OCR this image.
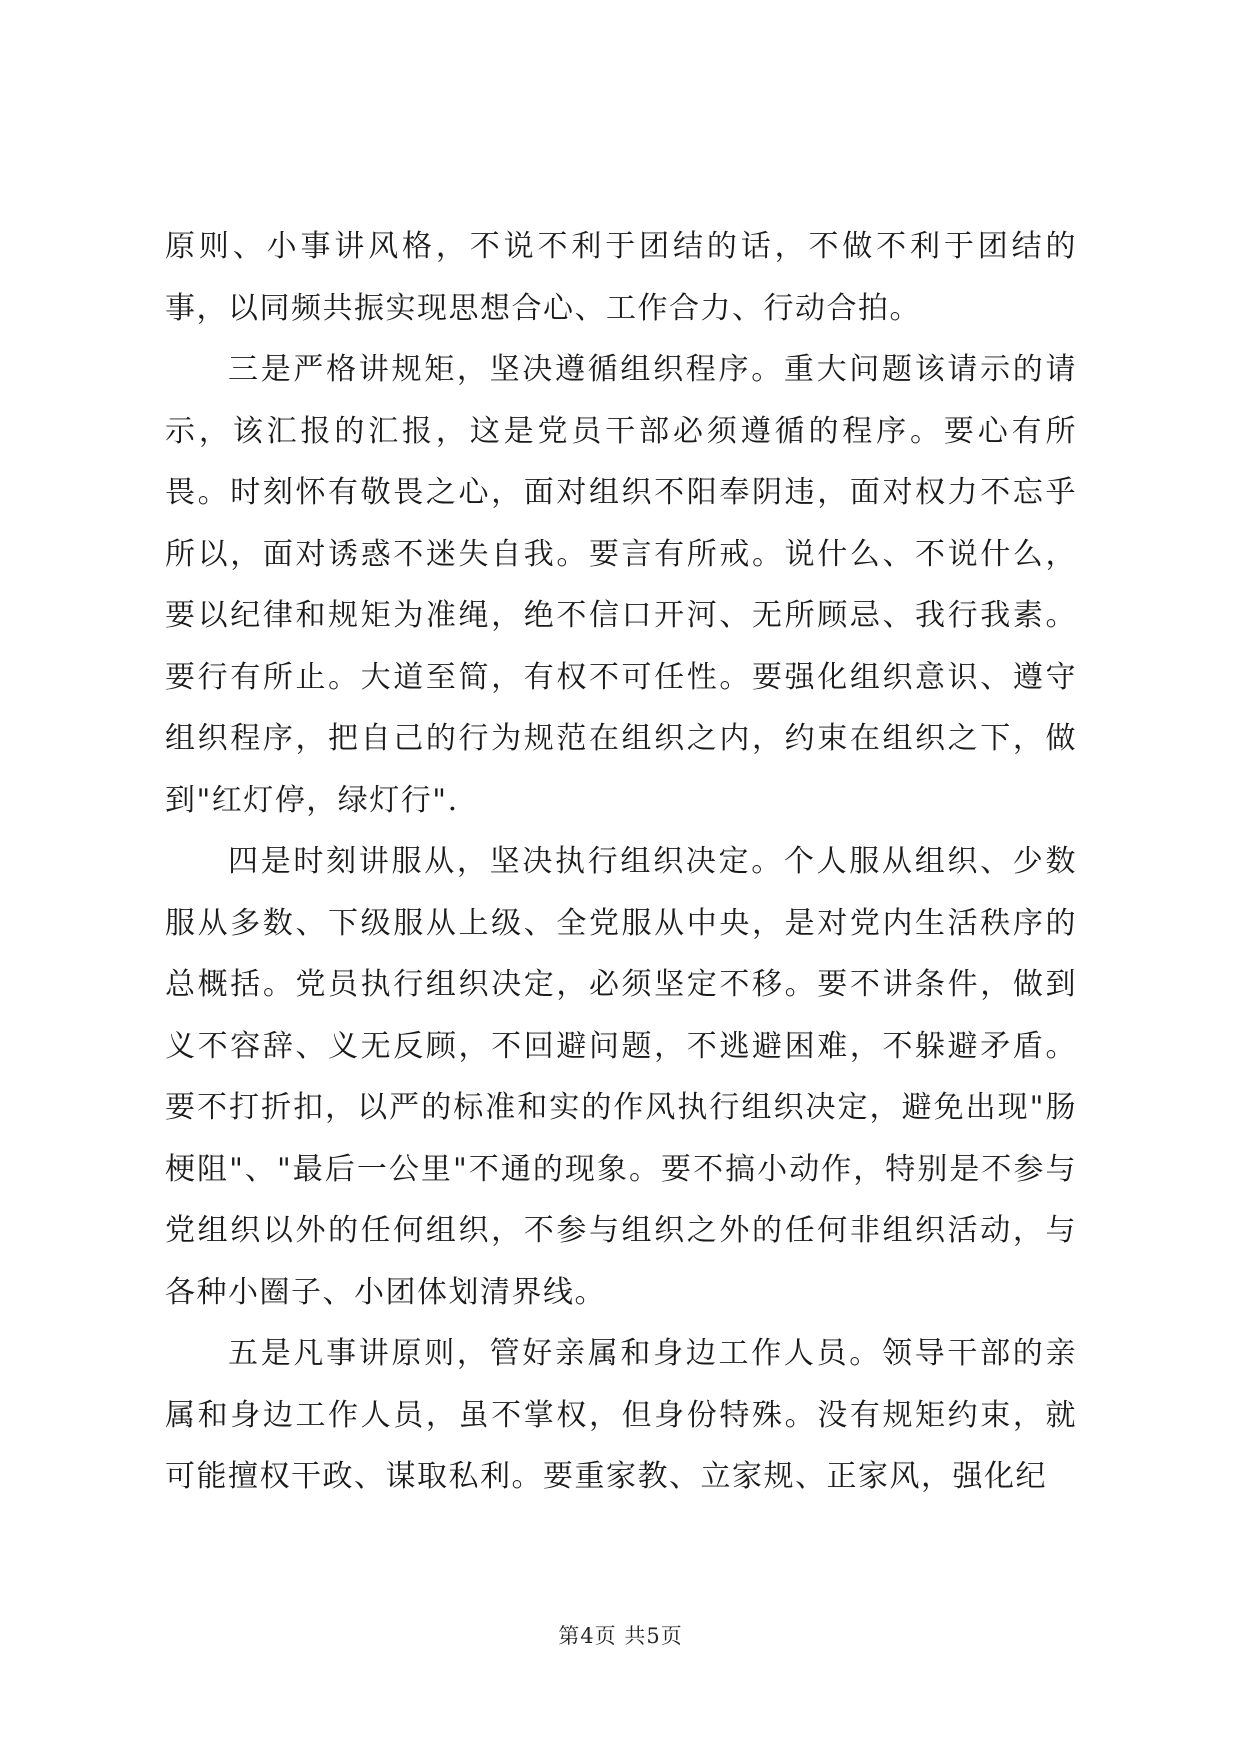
原则、小事讲风格，不说不利于团结的话，不做不利于团结的事，以同频共振实现思想合心、工作合力、行动合拍。

三是严格讲规矩，坚决遵循组织程序。重大问题该请示的请示，该汇报的汇报，这是党员干部必须遵循的程序。要心有所畏。时刻怀有敬畏之心，面对组织不阳奉阴违，面对权力不忘乎所以，面对诱惑不迷失自我。要言有所戒。说什么、不说什么，要以纪律和规矩为准绳，绝不信口开河、无所顾忌、我行我素。要行有所止。大道至简，有权不可任性。要强化组织意识、遵守组织程序，把自己的行为规范在组织之内，约束在组织之下，做到"红灯停，绿灯行".

四是时刻讲服从，坚决执行组织决定。个人服从组织、少数服从多数、下级服从上级、全党服从中央，是对党内生活秩序的总概括。党员执行组织决定，必须坚定不移。要不讲条件，做到义不容辞、义无反顾，不回避问题，不逃避困难，不躲避矛盾。要不打折扣，以严的标准和实的作风执行组织决定，避免出现"肠梗阻"、"最后一公里"不通的现象。要不搞小动作，特别是不参与党组织以外的任何组织，不参与组织之外的任何非组织活动，与各种小圈子、小团体划清界线。

五是凡事讲原则，管好亲属和身边工作人员。领导干部的亲属和身边工作人员，虽不掌权，但身份特殊。没有规矩约束，就可能擅权干政、谋取私利。要重家教、立家规、正家风，强化纪

第4页 共5页
